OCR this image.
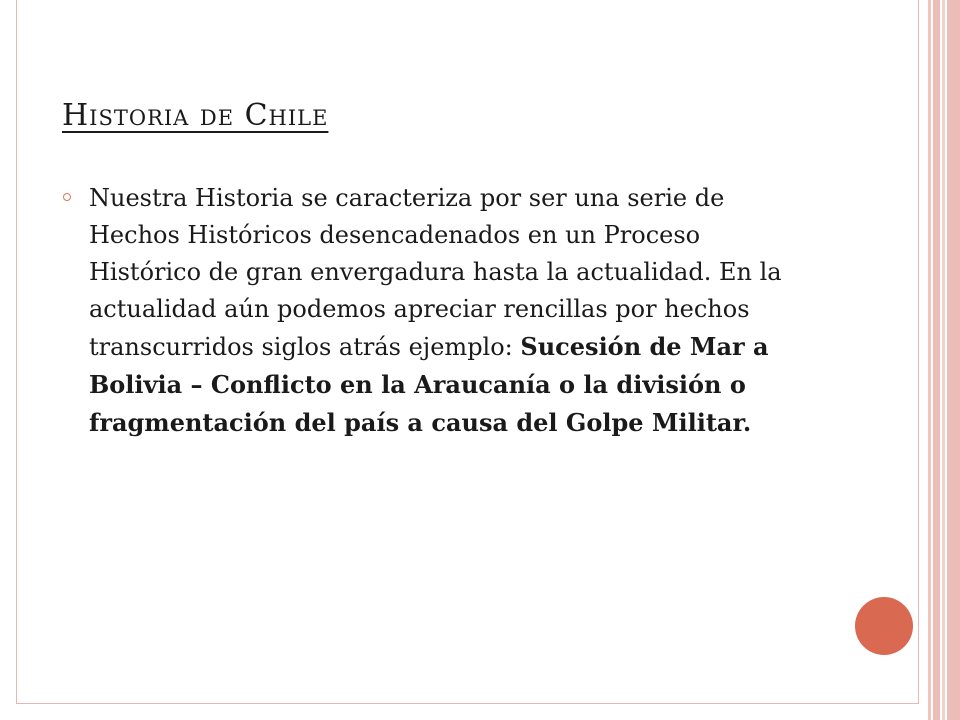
Historia de Chile

Nuestra Historia se caracteriza por ser una serie de Hechos Históricos desencadenados en un Proceso Histórico de gran envergadura hasta la actualidad. En la actualidad aún podemos apreciar rencillas por hechos transcurridos siglos atrás ejemplo: Sucesión de Mar a Bolivia – Conflicto en la Araucanía o la división o fragmentación del país a causa del Golpe Militar.
